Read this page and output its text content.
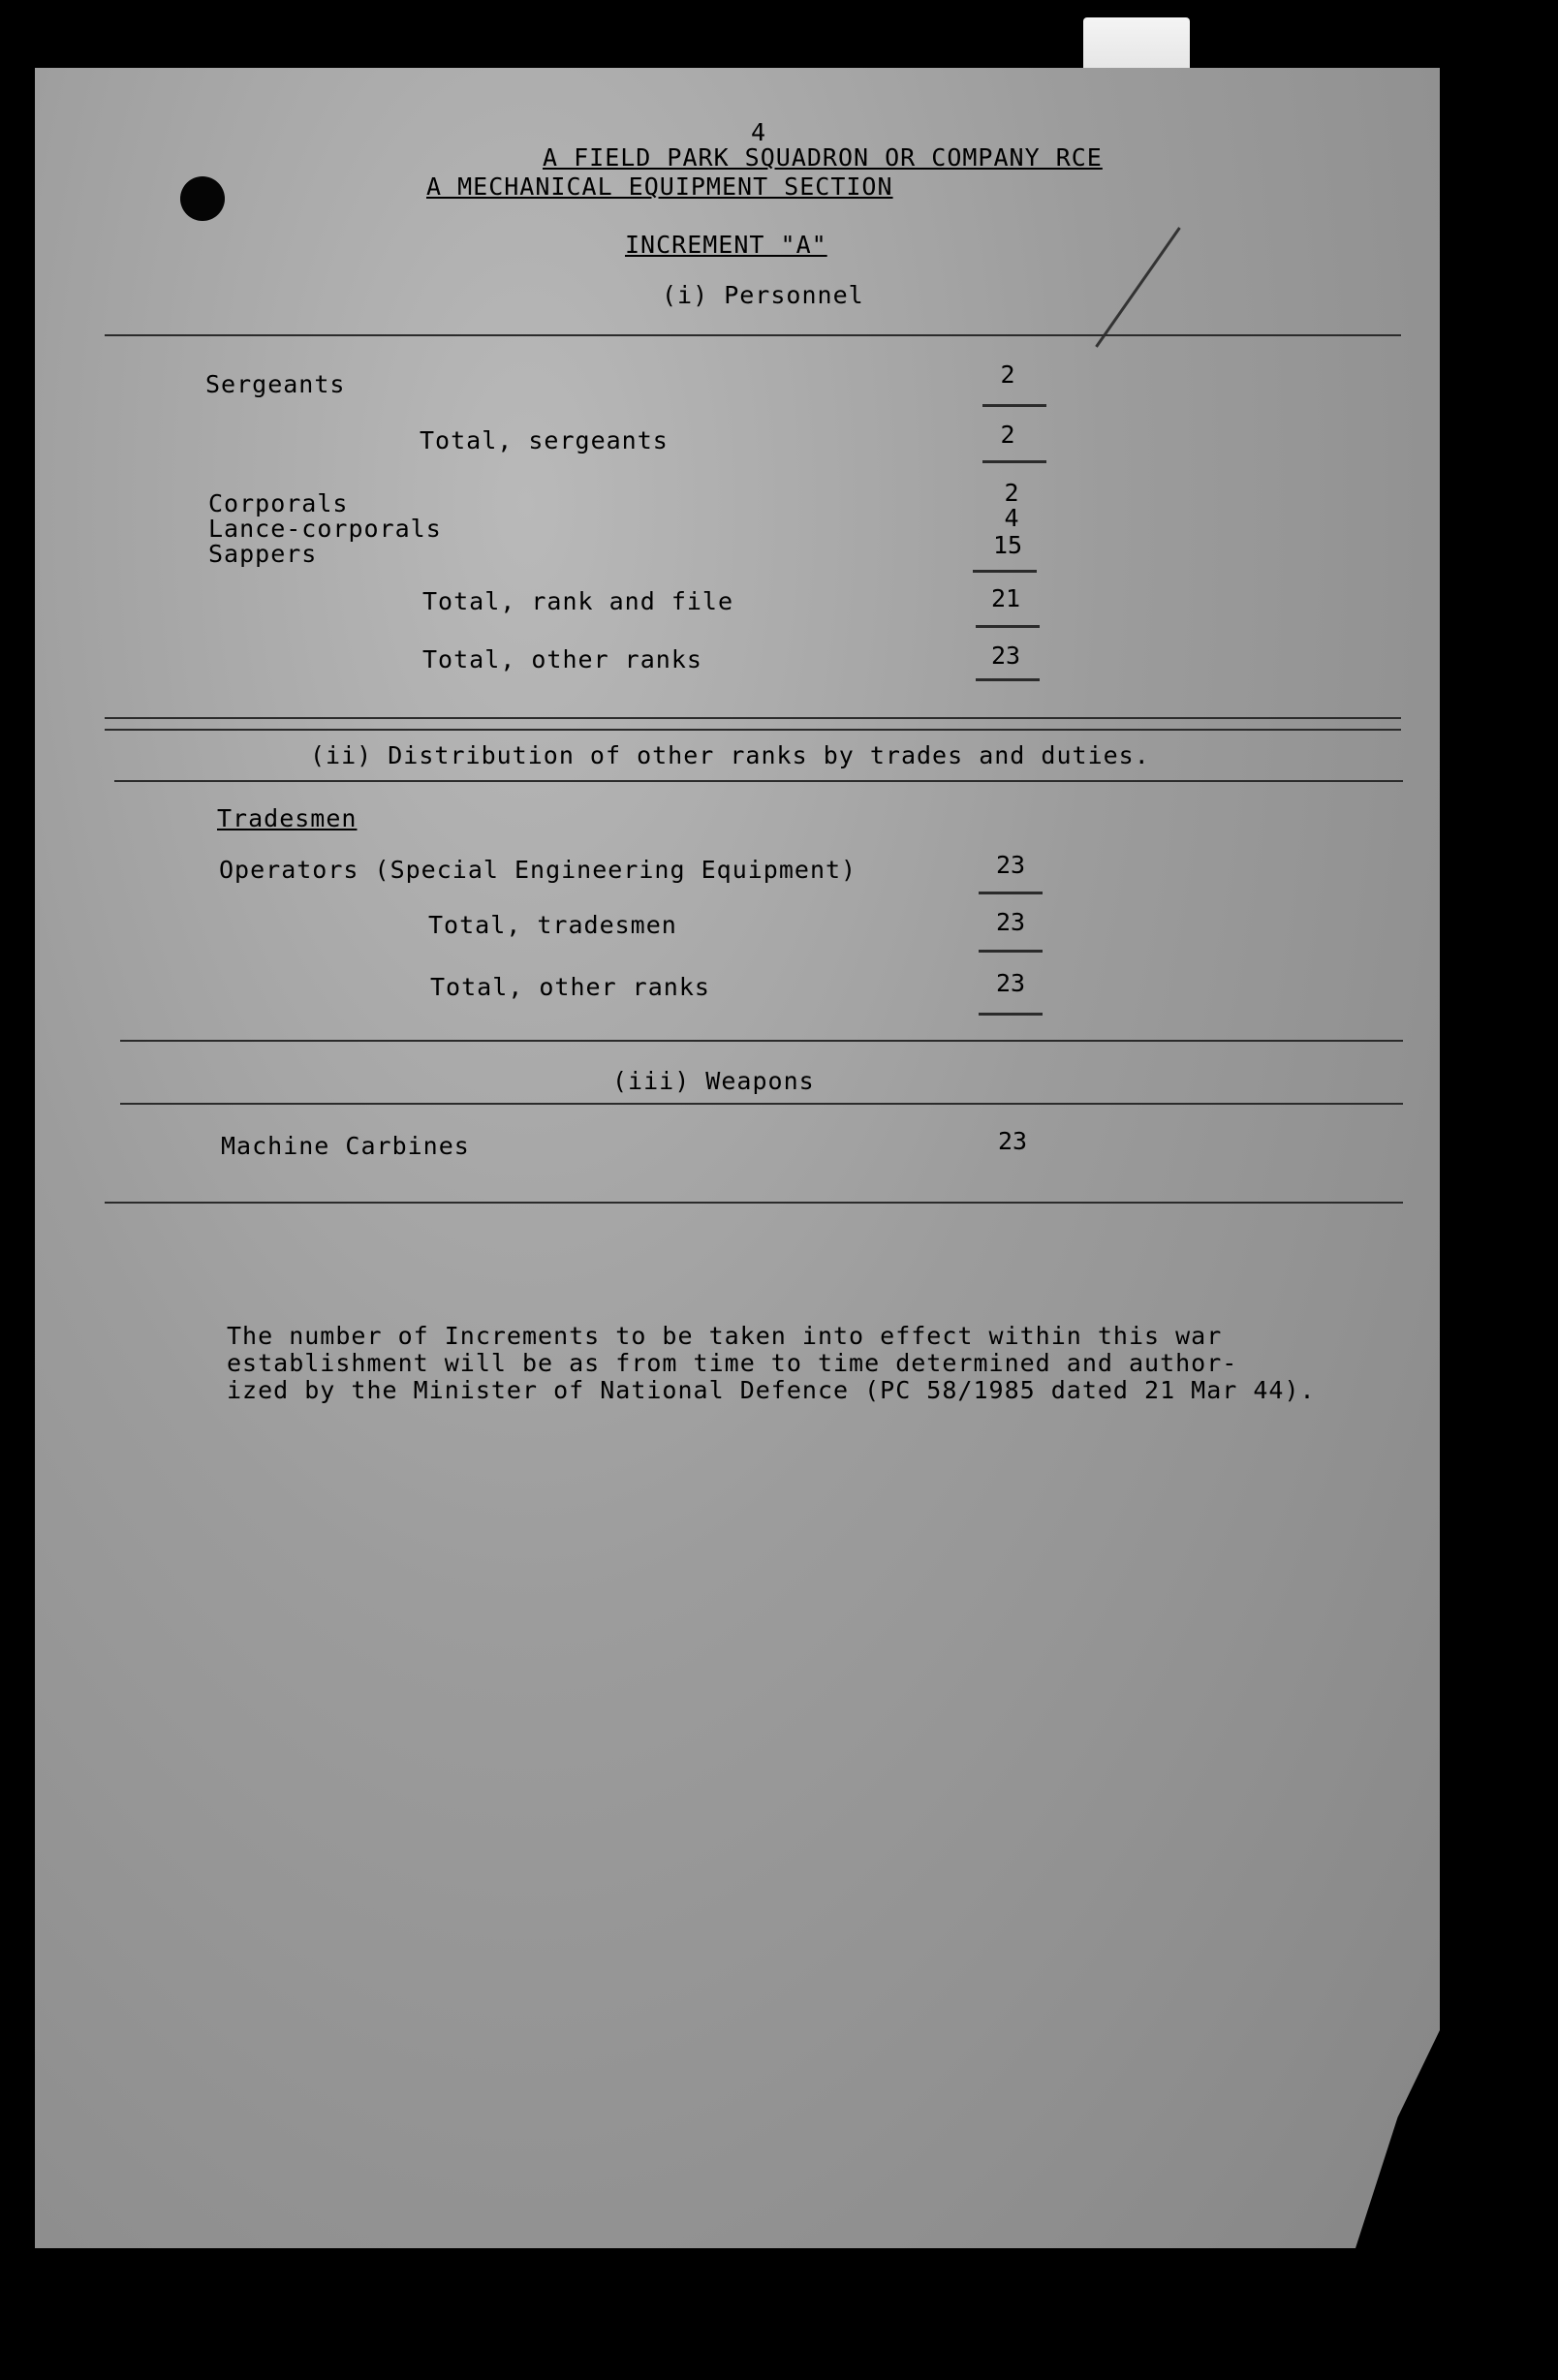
4
A FIELD PARK SQUADRON OR COMPANY RCE
A MECHANICAL EQUIPMENT SECTION
INCREMENT "A"
(i) Personnel
Sergeants	2
Total, sergeants	2
Corporals	2
Lance-corporals	4
Sappers	15
Total, rank and file	21
Total, other ranks	23
(ii) Distribution of other ranks by trades and duties.
Tradesmen
Operators (Special Engineering Equipment)	23
Total, tradesmen	23
Total, other ranks	23
(iii) Weapons
Machine Carbines	23
The number of Increments to be taken into effect within this war
establishment will be as from time to time determined and author-
ized by the Minister of National Defence (PC 58/1985 dated 21 Mar 44).
